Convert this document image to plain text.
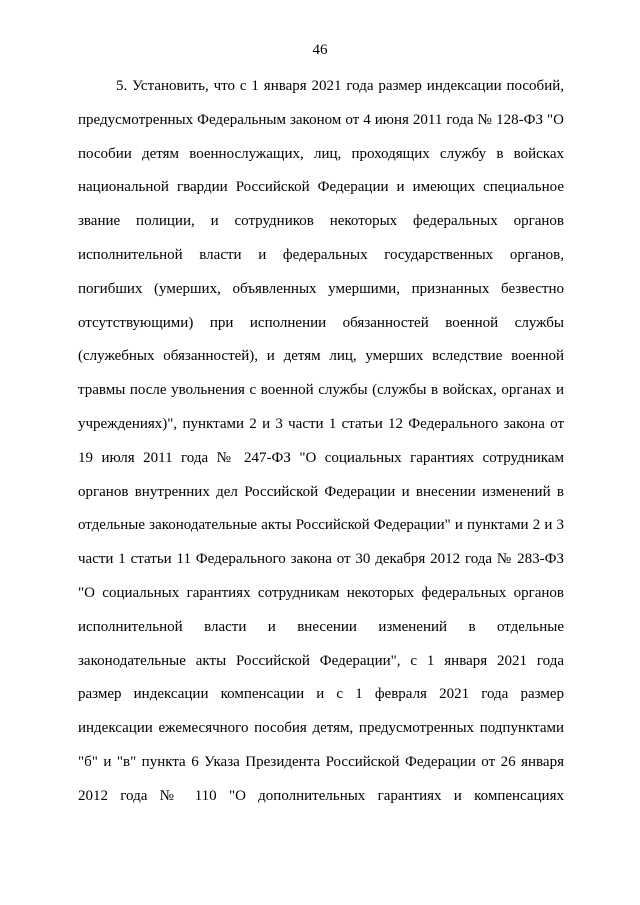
46
5. Установить, что с 1 января 2021 года размер индексации пособий,
предусмотренных Федеральным законом от 4 июня 2011 года № 128-ФЗ "О
пособии детям военнослужащих, лиц, проходящих службу в войсках
национальной гвардии Российской Федерации и имеющих специальное
звание полиции, и сотрудников некоторых федеральных органов
исполнительной власти и федеральных государственных органов,
погибших (умерших, объявленных умершими, признанных безвестно
отсутствующими) при исполнении обязанностей военной службы
(служебных обязанностей), и детям лиц, умерших вследствие военной
травмы после увольнения с военной службы (службы в войсках, органах и
учреждениях)", пунктами 2 и 3 части 1 статьи 12 Федерального закона от
19 июля 2011 года № 247-ФЗ "О социальных гарантиях сотрудникам
органов внутренних дел Российской Федерации и внесении изменений в
отдельные законодательные акты Российской Федерации" и пунктами 2 и 3
части 1 статьи 11 Федерального закона от 30 декабря 2012 года № 283-ФЗ
"О социальных гарантиях сотрудникам некоторых федеральных органов
исполнительной власти и внесении изменений в отдельные
законодательные акты Российской Федерации", с 1 января 2021 года
размер индексации компенсации и с 1 февраля 2021 года размер
индексации ежемесячного пособия детям, предусмотренных подпунктами
"б" и "в" пункта 6 Указа Президента Российской Федерации от 26 января
2012 года № 110 "О дополнительных гарантиях и компенсациях
